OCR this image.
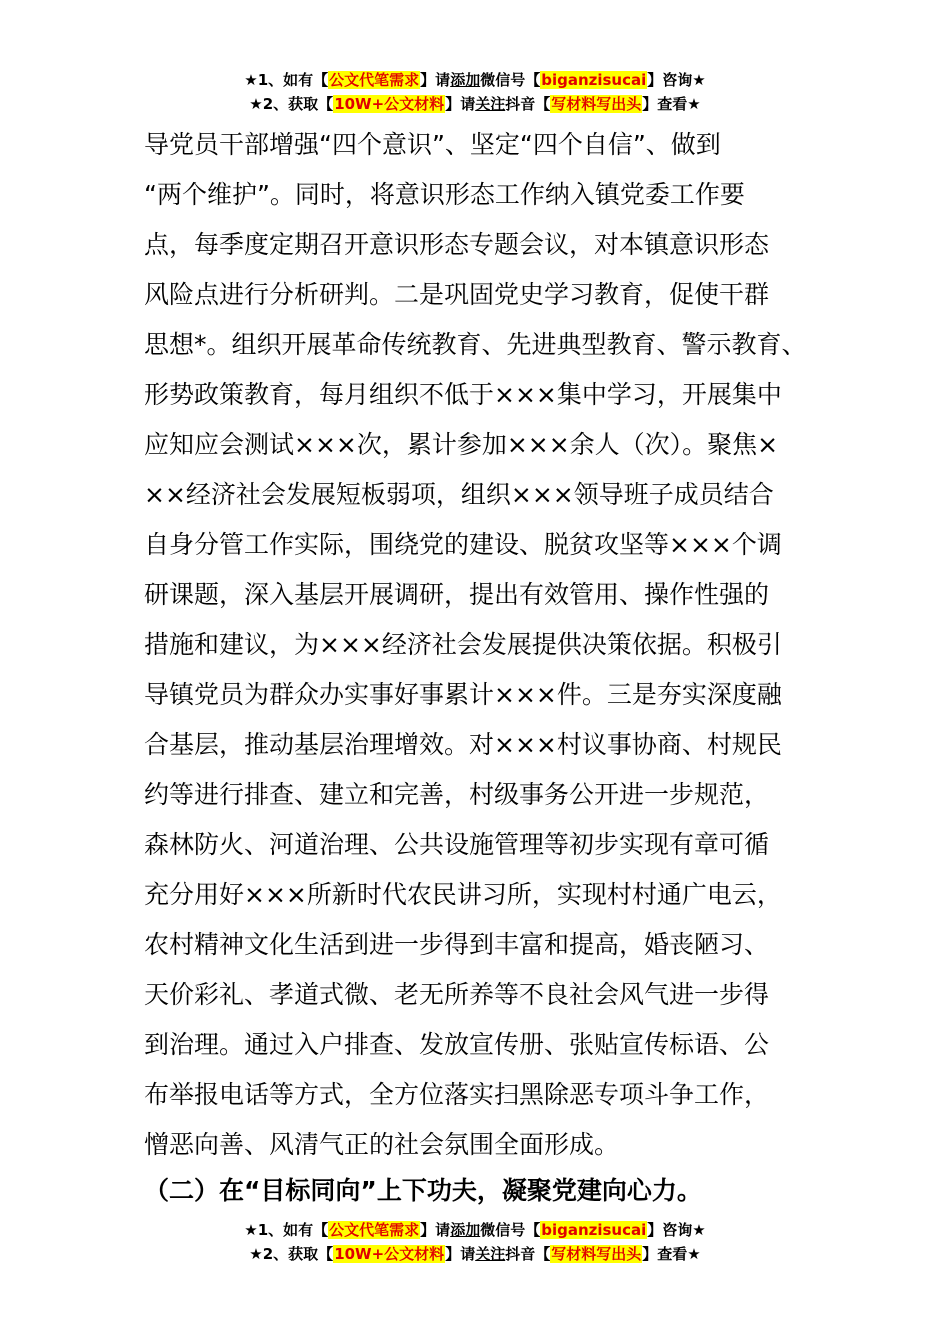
★1、如有【公文代笔需求】请添加微信号【biganzisucai】咨询★
★2、获取【10W+公文材料】请关注抖音【写材料写出头】查看★
导党员干部增强“四个意识”、坚定“四个自信”、做到
“两个维护”。同时，将意识形态工作纳入镇党委工作要
点，每季度定期召开意识形态专题会议，对本镇意识形态
风险点进行分析研判。二是巩固党史学习教育，促使干群
思想*。组织开展革命传统教育、先进典型教育、警示教育、
形势政策教育，每月组织不低于×××集中学习，开展集中
应知应会测试×××次，累计参加×××余人（次）。聚焦×
××经济社会发展短板弱项，组织×××领导班子成员结合
自身分管工作实际，围绕党的建设、脱贫攻坚等×××个调
研课题，深入基层开展调研，提出有效管用、操作性强的
措施和建议，为×××经济社会发展提供决策依据。积极引
导镇党员为群众办实事好事累计×××件。三是夯实深度融
合基层，推动基层治理增效。对×××村议事协商、村规民
约等进行排查、建立和完善，村级事务公开进一步规范，
森林防火、河道治理、公共设施管理等初步实现有章可循
充分用好×××所新时代农民讲习所，实现村村通广电云，
农村精神文化生活到进一步得到丰富和提高，婚丧陋习、
天价彩礼、孝道式微、老无所养等不良社会风气进一步得
到治理。通过入户排查、发放宣传册、张贴宣传标语、公
布举报电话等方式，全方位落实扫黑除恶专项斗争工作，
憎恶向善、风清气正的社会氛围全面形成。
（二）在“目标同向”上下功夫，凝聚党建向心力。
★1、如有【公文代笔需求】请添加微信号【biganzisucai】咨询★
★2、获取【10W+公文材料】请关注抖音【写材料写出头】查看★
